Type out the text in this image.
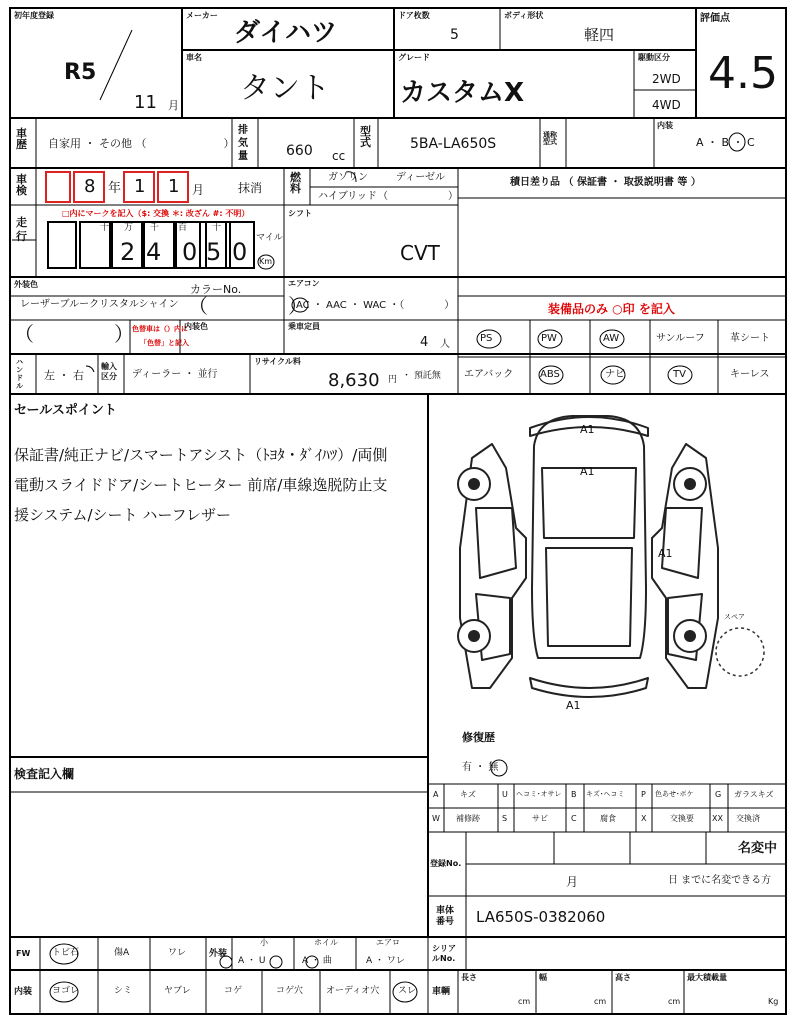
初年度登録
R5
11 月
メーカー
ダイハツ
車名
タント
ドア枚数
5
ボディ形状
軽四
グレード
カスタムX
駆動区分
2WD
4WD
評価点
4.5
車歴 自家用 ・ その他 （　　　　　　　）
排気量	660 cc
型式	5BA-LA650S
通称型式
内装
A ・ B ・ C
車検	8 年 1 1 月	抹消
燃料
ガソリン	ディーゼル
ハイブリッド （　　　　　　）
積日差り品 （ 保証書 ・ 取扱説明書 等 ）
走行
□内にマークを記入（$: 交換 ＊: 改ざん #: 不明）
十 万 千 百	十
2 4 0 5 0 マイル
Km
シフト
CVT
外装色
レーザーブルークリスタルシャイン
カラーNo.
（　　　　）
エアコン
AC ・ AAC ・ WAC ・（　　　　）	装備品のみ ○印 を記入
（　　　　）
色替車は（）内に
「色替」と記入
内装色	乗車定員
4 人
PS	PW	AW	サンルーフ	革シート
エアバック	ABS	ナビ	TV	キーレス
ハンドル
左 ・ 右
輸入区分	ディーラー ・ 並行
リサイクル料
8,630 円 ・ 預託無
セールスポイント
保証書/純正ナビ/スマートアシスト（ﾄﾖﾀ・ﾀﾞｲﾊﾂ）/両側
電動スライドドア/シートヒーター 前席/車線逸脱防止支
援システム/シート ハーフレザー
A1
A1
A1
A1
スペア
修復歴
有 ・ 無
検査記入欄
A	キズ	U ヘコミ･オサレ B キズ･ヘコミ P 色あせ･ボケ	G ガラスキズ
W 補修跡	S	サビ	C	腐食	X	交換要 XX 交換済
登録No.
名変中
月	日 までに名変できる方
車体番号 LA650S-0382060
シリアルNo.
車輌
長さ
cm
幅
cm
高さ
cm
最大積載量
Kg
FW トビ石	傷A	ワレ	外装
小
A ・ U
ホイル
A ・ 曲
エアロ
A ・ ワレ
内装 ヨゴレ	シミ	ヤブレ	コゲ	コゲ穴	オーディオ穴 スレ
